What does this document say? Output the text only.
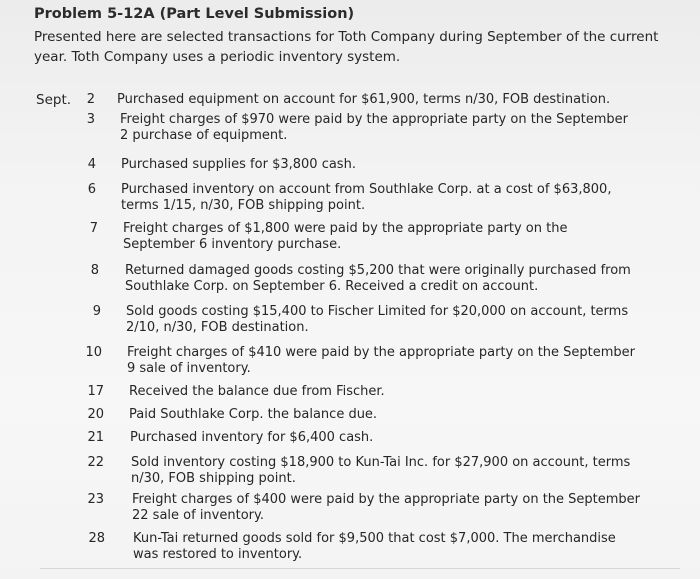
Problem 5-12A (Part Level Submission)
Presented here are selected transactions for Toth Company during September of the current year. Toth Company uses a periodic inventory system.
Sept.	2 Purchased equipment on account for $61,900, terms n/30, FOB destination.
3 Freight charges of $970 were paid by the appropriate party on the September
2 purchase of equipment.
4 Purchased supplies for $3,800 cash.
6 Purchased inventory on account from Southlake Corp. at a cost of $63,800,
terms 1/15, n/30, FOB shipping point.
7 Freight charges of $1,800 were paid by the appropriate party on the
September 6 inventory purchase.
8 Returned damaged goods costing $5,200 that were originally purchased from
Southlake Corp. on September 6. Received a credit on account.
9 Sold goods costing $15,400 to Fischer Limited for $20,000 on account, terms
2/10, n/30, FOB destination.
10 Freight charges of $410 were paid by the appropriate party on the September
9 sale of inventory.
17 Received the balance due from Fischer.
20 Paid Southlake Corp. the balance due.
21 Purchased inventory for $6,400 cash.
22 Sold inventory costing $18,900 to Kun-Tai Inc. for $27,900 on account, terms
n/30, FOB shipping point.
23 Freight charges of $400 were paid by the appropriate party on the September
22 sale of inventory.
28 Kun-Tai returned goods sold for $9,500 that cost $7,000. The merchandise
was restored to inventory.
